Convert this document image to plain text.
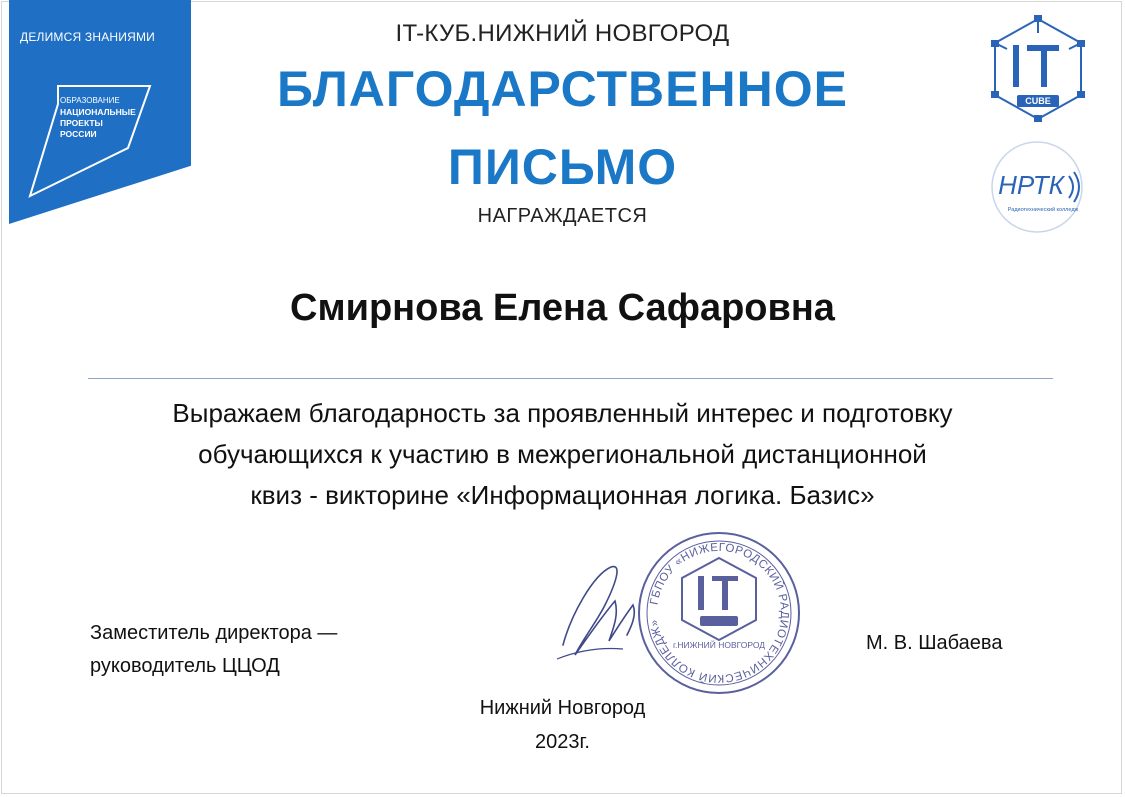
ДЕЛИМСЯ ЗНАНИЯМИ
ОБРАЗОВАНИЕ
НАЦИОНАЛЬНЫЕ
ПРОЕКТЫ
РОССИИ
IT-КУБ.НИЖНИЙ НОВГОРОД
БЛАГОДАРСТВЕННОЕ
ПИСЬМО
НАГРАЖДАЕТСЯ
CUBE
НРТК
Радиотехнический колледж
Смирнова Елена Сафаровна
Выражаем благодарность за проявленный интерес и подготовку
обучающихся к участию в межрегиональной дистанционной
квиз - викторине «Информационная логика. Базис»
Заместитель директора —
руководитель ЦЦОД
ГБПОУ «НИЖЕГОРОДСКИЙ РАДИОТЕХНИЧЕСКИЙ КОЛЛЕДЖ»
г.НИЖНИЙ НОВГОРОД	М. В. Шабаева
Нижний Новгород
2023г.
